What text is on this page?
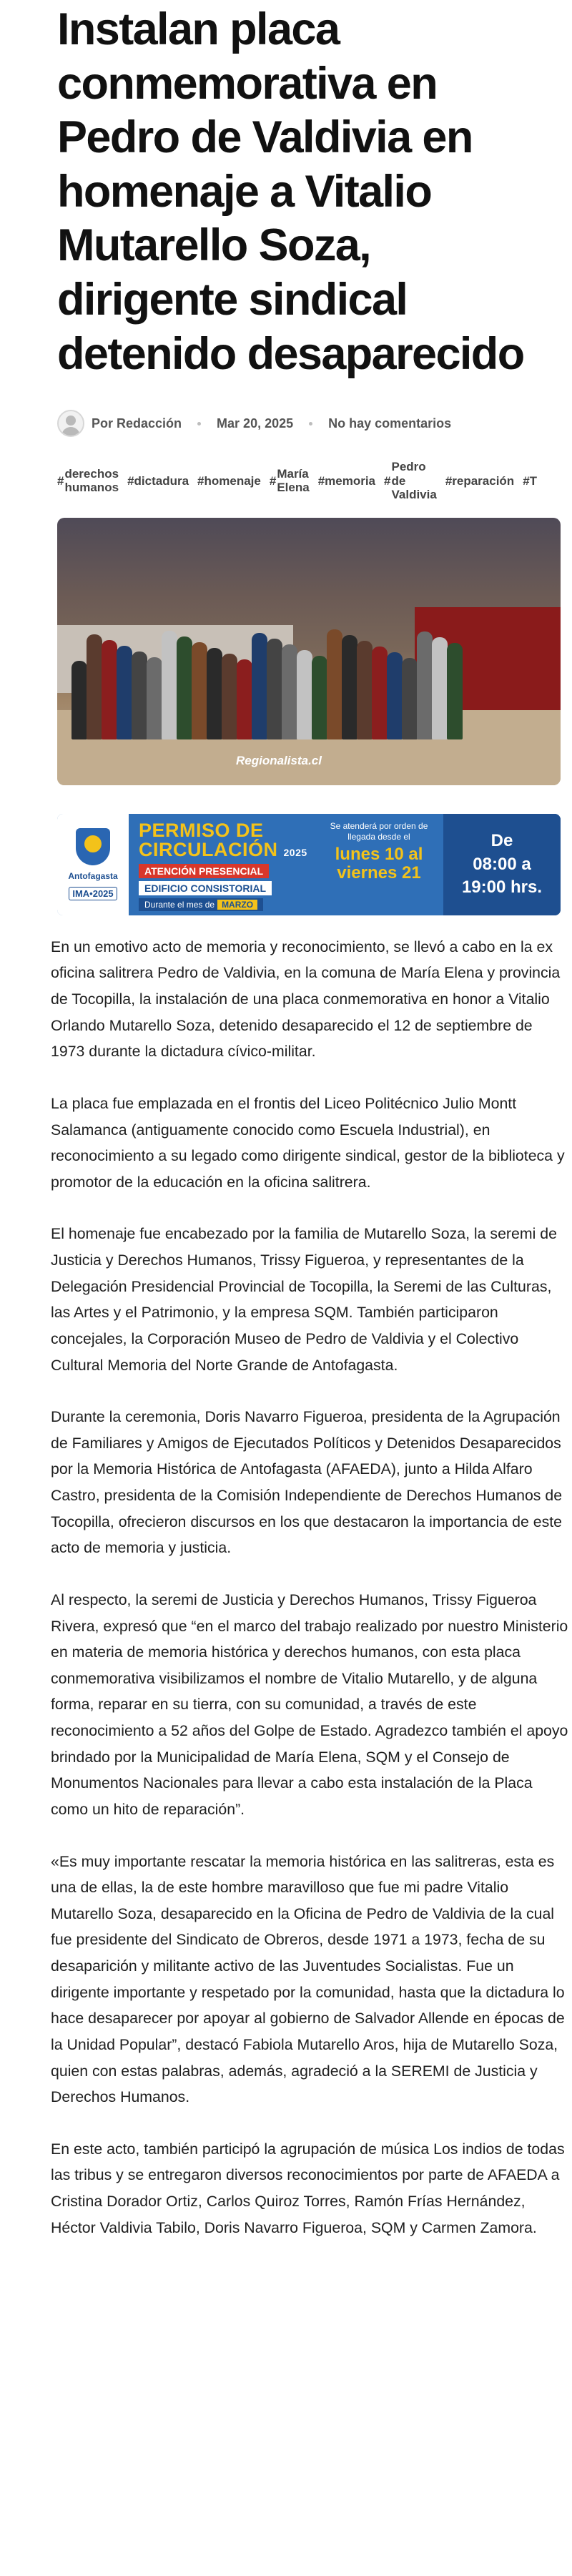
Instalan placa conmemorativa en Pedro de Valdivia en homenaje a Vitalio Mutarello Soza, dirigente sindical detenido desaparecido
Por Redacción	Mar 20, 2025	No hay comentarios
#
derechos
humanos
#dictadura #homenaje #
María
Elena
#memoria #
Pedro
de
Valdivia
#reparación #T
Regionalista.cl
Antofagasta
IMA•2025
PERMISO DE CIRCULACIÓN 2025
ATENCIÓN PRESENCIAL
EDIFICIO CONSISTORIAL
Durante el mes de MARZO
Se atenderá por orden de llegada desde el
lunes 10 al viernes 21
De
08:00 a
19:00 hrs.

En un emotivo acto de memoria y reconocimiento, se llevó a cabo en la ex oficina salitrera Pedro de Valdivia, en la comuna de María Elena y provincia de Tocopilla, la instalación de una placa conmemorativa en honor a Vitalio Orlando Mutarello Soza, detenido desaparecido el 12 de septiembre de 1973 durante la dictadura cívico-militar.

La placa fue emplazada en el frontis del Liceo Politécnico Julio Montt Salamanca (antiguamente conocido como Escuela Industrial), en reconocimiento a su legado como dirigente sindical, gestor de la biblioteca y promotor de la educación en la oficina salitrera.

El homenaje fue encabezado por la familia de Mutarello Soza, la seremi de Justicia y Derechos Humanos, Trissy Figueroa, y representantes de la Delegación Presidencial Provincial de Tocopilla, la Seremi de las Culturas, las Artes y el Patrimonio, y la empresa SQM. También participaron concejales, la Corporación Museo de Pedro de Valdivia y el Colectivo Cultural Memoria del Norte Grande de Antofagasta.

Durante la ceremonia, Doris Navarro Figueroa, presidenta de la Agrupación de Familiares y Amigos de Ejecutados Políticos y Detenidos Desaparecidos por la Memoria Histórica de Antofagasta (AFAEDA), junto a Hilda Alfaro Castro, presidenta de la Comisión Independiente de Derechos Humanos de Tocopilla, ofrecieron discursos en los que destacaron la importancia de este acto de memoria y justicia.

Al respecto, la seremi de Justicia y Derechos Humanos, Trissy Figueroa Rivera, expresó que “en el marco del trabajo realizado por nuestro Ministerio en materia de memoria histórica y derechos humanos, con esta placa conmemorativa visibilizamos el nombre de Vitalio Mutarello, y de alguna forma, reparar en su tierra, con su comunidad, a través de este reconocimiento a 52 años del Golpe de Estado. Agradezco también el apoyo brindado por la Municipalidad de María Elena, SQM y el Consejo de Monumentos Nacionales para llevar a cabo esta instalación de la Placa como un hito de reparación”.

«Es muy importante rescatar la memoria histórica en las salitreras, esta es una de ellas, la de este hombre maravilloso que fue mi padre Vitalio Mutarello Soza, desaparecido en la Oficina de Pedro de Valdivia de la cual fue presidente del Sindicato de Obreros, desde 1971 a 1973, fecha de su desaparición y militante activo de las Juventudes Socialistas. Fue un dirigente importante y respetado por la comunidad, hasta que la dictadura lo hace desaparecer por apoyar al gobierno de Salvador Allende en épocas de la Unidad Popular”, destacó Fabiola Mutarello Aros, hija de Mutarello Soza, quien con estas palabras, además, agradeció a la SEREMI de Justicia y Derechos Humanos.

En este acto, también participó la agrupación de música Los indios de todas las tribus y se entregaron diversos reconocimientos por parte de AFAEDA a Cristina Dorador Ortiz, Carlos Quiroz Torres, Ramón Frías Hernández, Héctor Valdivia Tabilo, Doris Navarro Figueroa, SQM y Carmen Zamora.
